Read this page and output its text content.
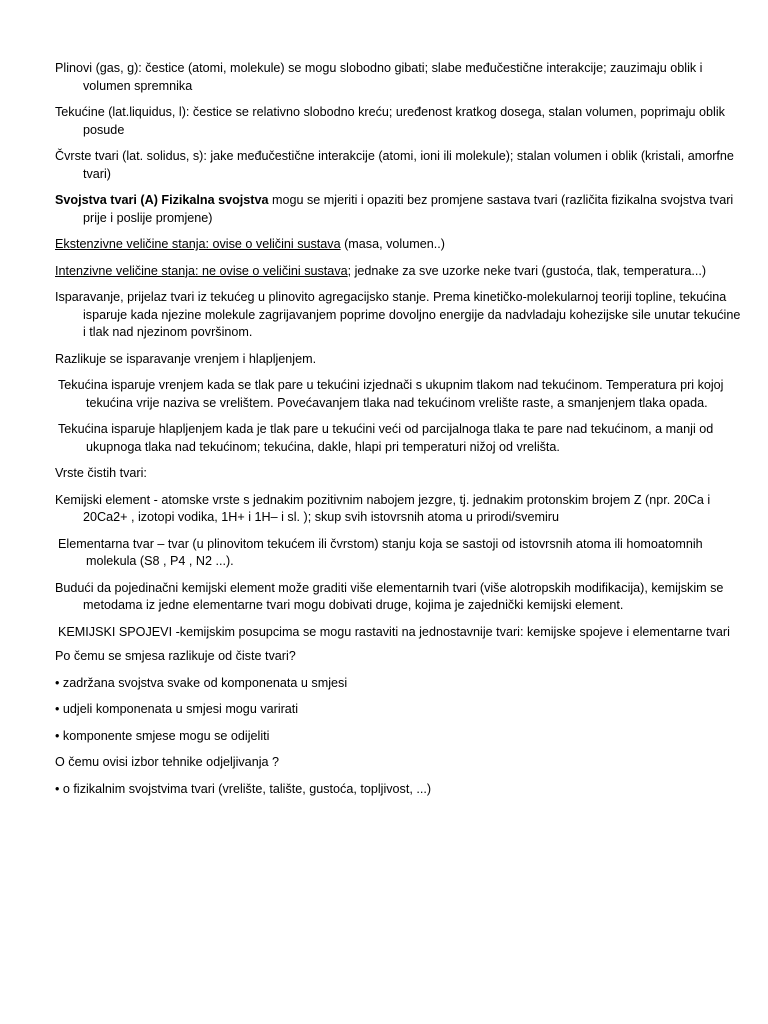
Plinovi (gas, g): čestice (atomi, molekule) se mogu slobodno gibati; slabe međučestične interakcije; zauzimaju oblik i volumen spremnika

Tekućine (lat.liquidus, l): čestice se relativno slobodno kreću; uređenost kratkog dosega, stalan volumen, poprimaju oblik posude

Čvrste tvari (lat. solidus, s): jake međučestične interakcije (atomi, ioni ili molekule); stalan volumen i oblik (kristali, amorfne tvari)

Svojstva tvari (A) Fizikalna svojstva mogu se mjeriti i opaziti bez promjene sastava tvari (različita fizikalna svojstva tvari prije i poslije promjene)

Ekstenzivne veličine stanja: ovise o veličini sustava (masa, volumen..)

Intenzivne veličine stanja: ne ovise o veličini sustava; jednake za sve uzorke neke tvari (gustoća, tlak, temperatura...)

Isparavanje, prijelaz tvari iz tekućeg u plinovito agregacijsko stanje. Prema kinetičko-molekularnoj teoriji topline, tekućina isparuje kada njezine molekule zagrijavanjem poprime dovoljno energije da nadvladaju kohezijske sile unutar tekućine i tlak nad njezinom površinom.

Razlikuje se isparavanje vrenjem i hlapljenjem.

Tekućina isparuje vrenjem kada se tlak pare u tekućini izjednači s ukupnim tlakom nad tekućinom. Temperatura pri kojoj tekućina vrije naziva se vrelištem. Povećavanjem tlaka nad tekućinom vrelište raste, a smanjenjem tlaka opada.

Tekućina isparuje hlapljenjem kada je tlak pare u tekućini veći od parcijalnoga tlaka te pare nad tekućinom, a manji od ukupnoga tlaka nad tekućinom; tekućina, dakle, hlapi pri temperaturi nižoj od vrelišta.

Vrste čistih tvari:

Kemijski element - atomske vrste s jednakim pozitivnim nabojem jezgre, tj. jednakim protonskim brojem Z (npr. 20Ca i 20Ca2+ , izotopi vodika, 1H+ i 1H– i sl. ); skup svih istovrsnih atoma u prirodi/svemiru

Elementarna tvar – tvar (u plinovitom tekućem ili čvrstom) stanju koja se sastoji od istovrsnih atoma ili homoatomnih molekula (S8 , P4 , N2 ...).

Budući da pojedinačni kemijski element može graditi više elementarnih tvari (više alotropskih modifikacija), kemijskim se metodama iz jedne elementarne tvari mogu dobivati druge, kojima je zajednički kemijski element.

KEMIJSKI SPOJEVI -kemijskim posupcima se mogu rastaviti na jednostavnije tvari: kemijske spojeve i elementarne tvari

Po čemu se smjesa razlikuje od čiste tvari?

• zadržana svojstva svake od komponenata u smjesi

• udjeli komponenata u smjesi mogu varirati

• komponente smjese mogu se odijeliti

O čemu ovisi izbor tehnike odjeljivanja ?

• o fizikalnim svojstvima tvari (vrelište, talište, gustoća, topljivost, ...)
